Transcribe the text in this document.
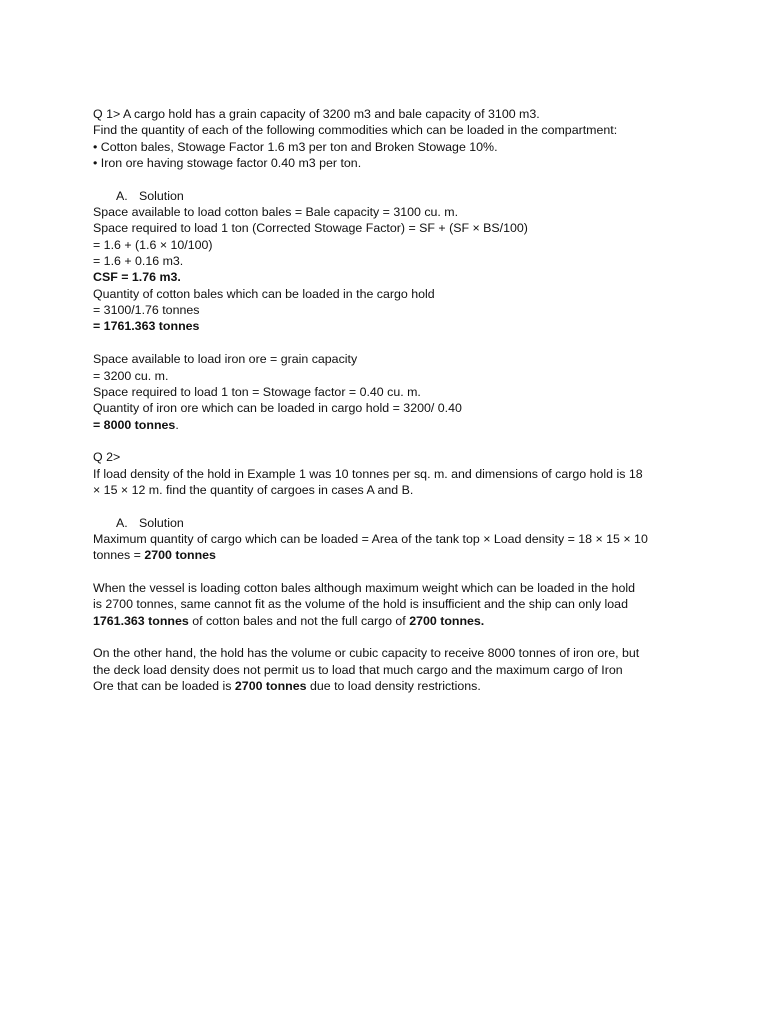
Q 1> A cargo hold has a grain capacity of 3200 m3 and bale capacity of 3100 m3.
Find the quantity of each of the following commodities which can be loaded in the compartment:
• Cotton bales, Stowage Factor 1.6 m3 per ton and Broken Stowage 10%.
• Iron ore having stowage factor 0.40 m3 per ton.
A. Solution
Space available to load cotton bales = Bale capacity = 3100 cu. m.
Space required to load 1 ton (Corrected Stowage Factor) = SF + (SF × BS/100)
= 1.6 + (1.6 × 10/100)
= 1.6 + 0.16 m3.
CSF = 1.76 m3.
Quantity of cotton bales which can be loaded in the cargo hold
= 3100/1.76 tonnes
= 1761.363 tonnes
Space available to load iron ore = grain capacity
= 3200 cu. m.
Space required to load 1 ton = Stowage factor = 0.40 cu. m.
Quantity of iron ore which can be loaded in cargo hold = 3200/ 0.40
= 8000 tonnes.
Q 2>
If load density of the hold in Example 1 was 10 tonnes per sq. m. and dimensions of cargo hold is 18
× 15 × 12 m. find the quantity of cargoes in cases A and B.
A. Solution
Maximum quantity of cargo which can be loaded = Area of the tank top × Load density = 18 × 15 × 10
tonnes = 2700 tonnes
When the vessel is loading cotton bales although maximum weight which can be loaded in the hold
is 2700 tonnes, same cannot fit as the volume of the hold is insufficient and the ship can only load
1761.363 tonnes of cotton bales and not the full cargo of 2700 tonnes.
On the other hand, the hold has the volume or cubic capacity to receive 8000 tonnes of iron ore, but
the deck load density does not permit us to load that much cargo and the maximum cargo of Iron
Ore that can be loaded is 2700 tonnes due to load density restrictions.
